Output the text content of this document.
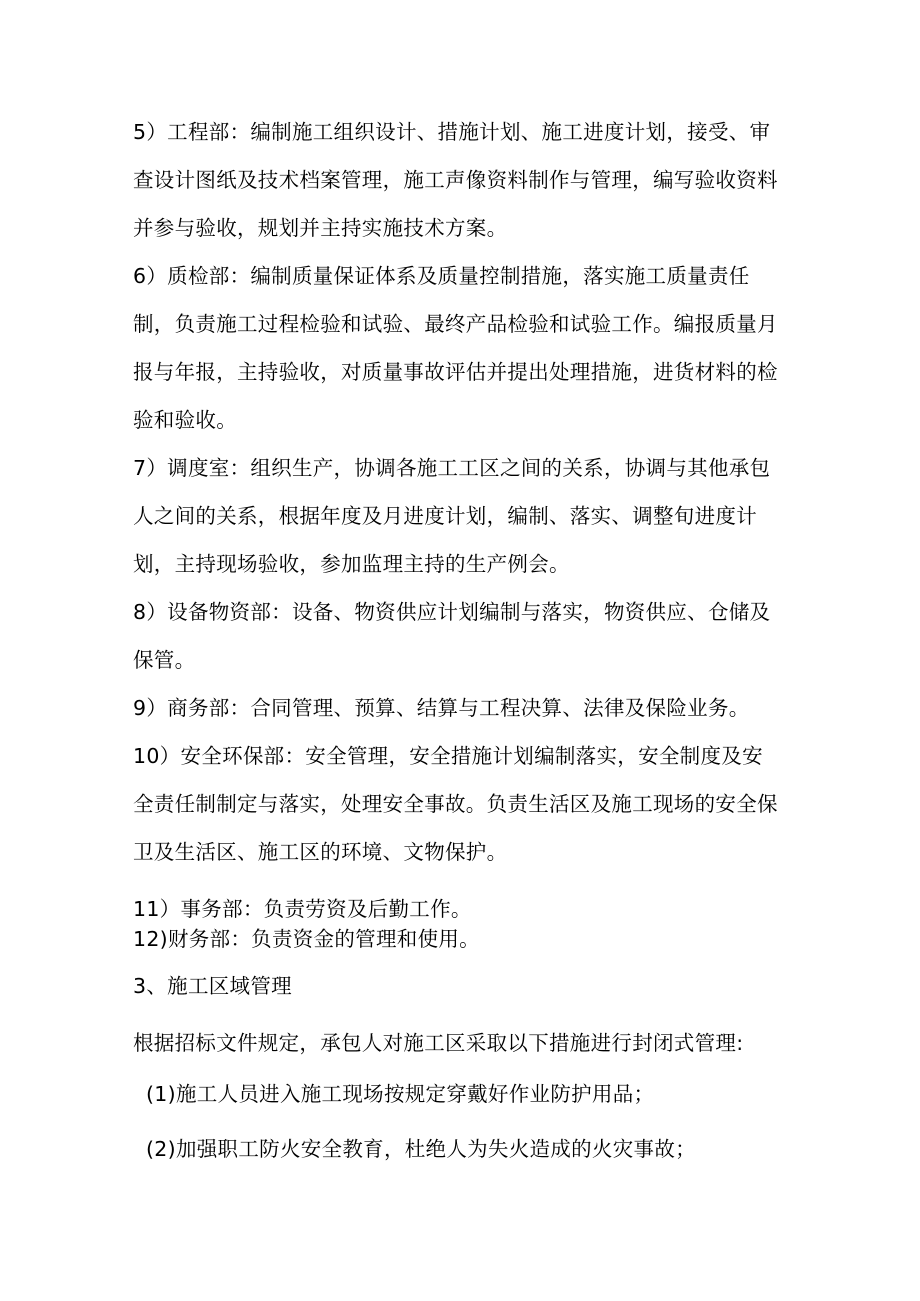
5）工程部：编制施工组织设计、措施计划、施工进度计划，接受、审查设计图纸及技术档案管理，施工声像资料制作与管理，编写验收资料并参与验收，规划并主持实施技术方案。
6）质检部：编制质量保证体系及质量控制措施，落实施工质量责任制，负责施工过程检验和试验、最终产品检验和试验工作。编报质量月报与年报，主持验收，对质量事故评估并提出处理措施，进货材料的检验和验收。
7）调度室：组织生产，协调各施工工区之间的关系，协调与其他承包人之间的关系，根据年度及月进度计划，编制、落实、调整旬进度计划，主持现场验收，参加监理主持的生产例会。
8）设备物资部：设备、物资供应计划编制与落实，物资供应、仓储及保管。
9）商务部：合同管理、预算、结算与工程决算、法律及保险业务。
10）安全环保部：安全管理，安全措施计划编制落实，安全制度及安全责任制制定与落实，处理安全事故。负责生活区及施工现场的安全保卫及生活区、施工区的环境、文物保护。
11）事务部：负责劳资及后勤工作。
12)财务部：负责资金的管理和使用。
3、施工区域管理
根据招标文件规定，承包人对施工区采取以下措施进行封闭式管理:
(1)施工人员进入施工现场按规定穿戴好作业防护用品；
(2)加强职工防火安全教育，杜绝人为失火造成的火灾事故；
